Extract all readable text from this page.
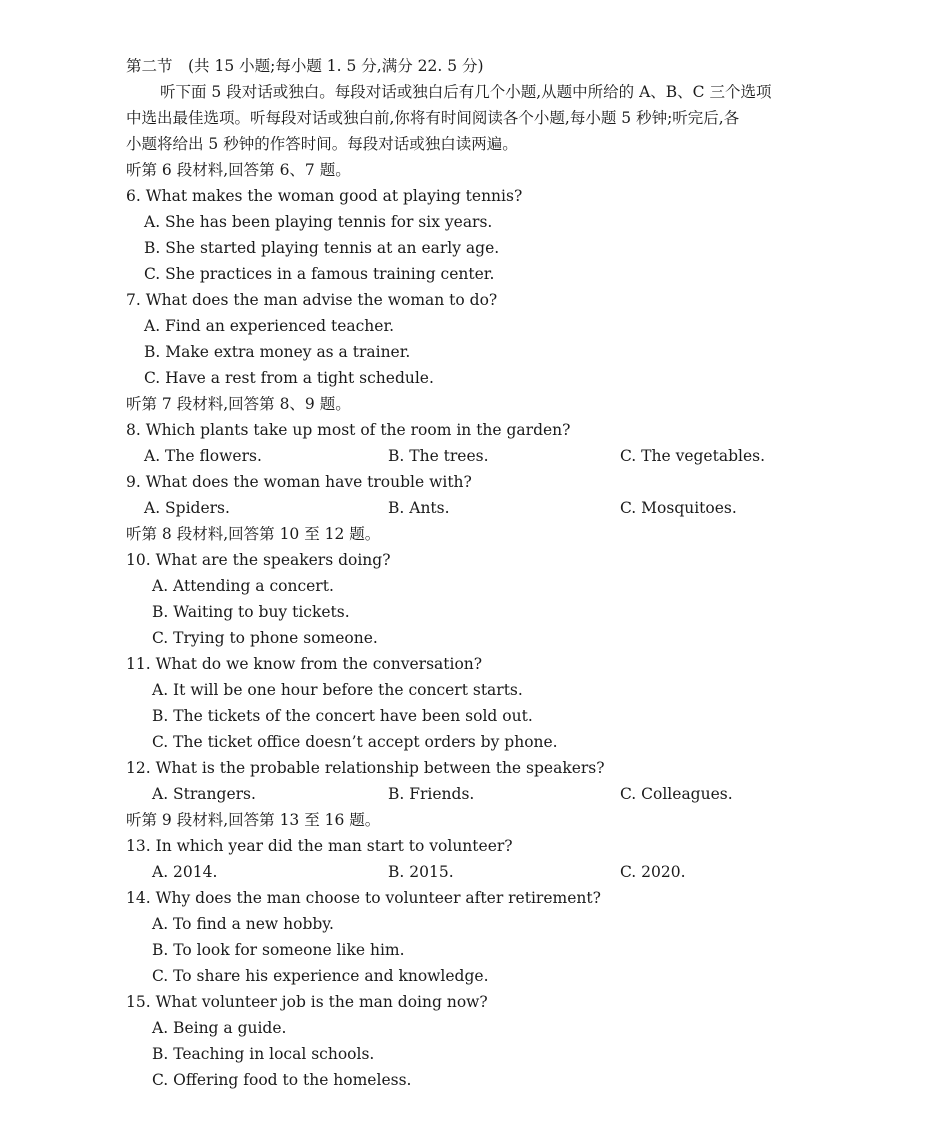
第二节　(共 15 小题;每小题 1. 5 分,满分 22. 5 分)
听下面 5 段对话或独白。每段对话或独白后有几个小题,从题中所给的 A、B、C 三个选项
中选出最佳选项。听每段对话或独白前,你将有时间阅读各个小题,每小题 5 秒钟;听完后,各
小题将给出 5 秒钟的作答时间。每段对话或独白读两遍。
听第 6 段材料,回答第 6、7 题。
6. What makes the woman good at playing tennis?
A. She has been playing tennis for six years.
B. She started playing tennis at an early age.
C. She practices in a famous training center.
7. What does the man advise the woman to do?
A. Find an experienced teacher.
B. Make extra money as a trainer.
C. Have a rest from a tight schedule.
听第 7 段材料,回答第 8、9 题。
8. Which plants take up most of the room in the garden?
A. The flowers.	B. The trees.	C. The vegetables.
9. What does the woman have trouble with?
A. Spiders.	B. Ants.	C. Mosquitoes.
听第 8 段材料,回答第 10 至 12 题。
10. What are the speakers doing?
A. Attending a concert.
B. Waiting to buy tickets.
C. Trying to phone someone.
11. What do we know from the conversation?
A. It will be one hour before the concert starts.
B. The tickets of the concert have been sold out.
C. The ticket office doesn’t accept orders by phone.
12. What is the probable relationship between the speakers?
A. Strangers.	B. Friends.	C. Colleagues.
听第 9 段材料,回答第 13 至 16 题。
13. In which year did the man start to volunteer?
A. 2014.	B. 2015.	C. 2020.
14. Why does the man choose to volunteer after retirement?
A. To find a new hobby.
B. To look for someone like him.
C. To share his experience and knowledge.
15. What volunteer job is the man doing now?
A. Being a guide.
B. Teaching in local schools.
C. Offering food to the homeless.
